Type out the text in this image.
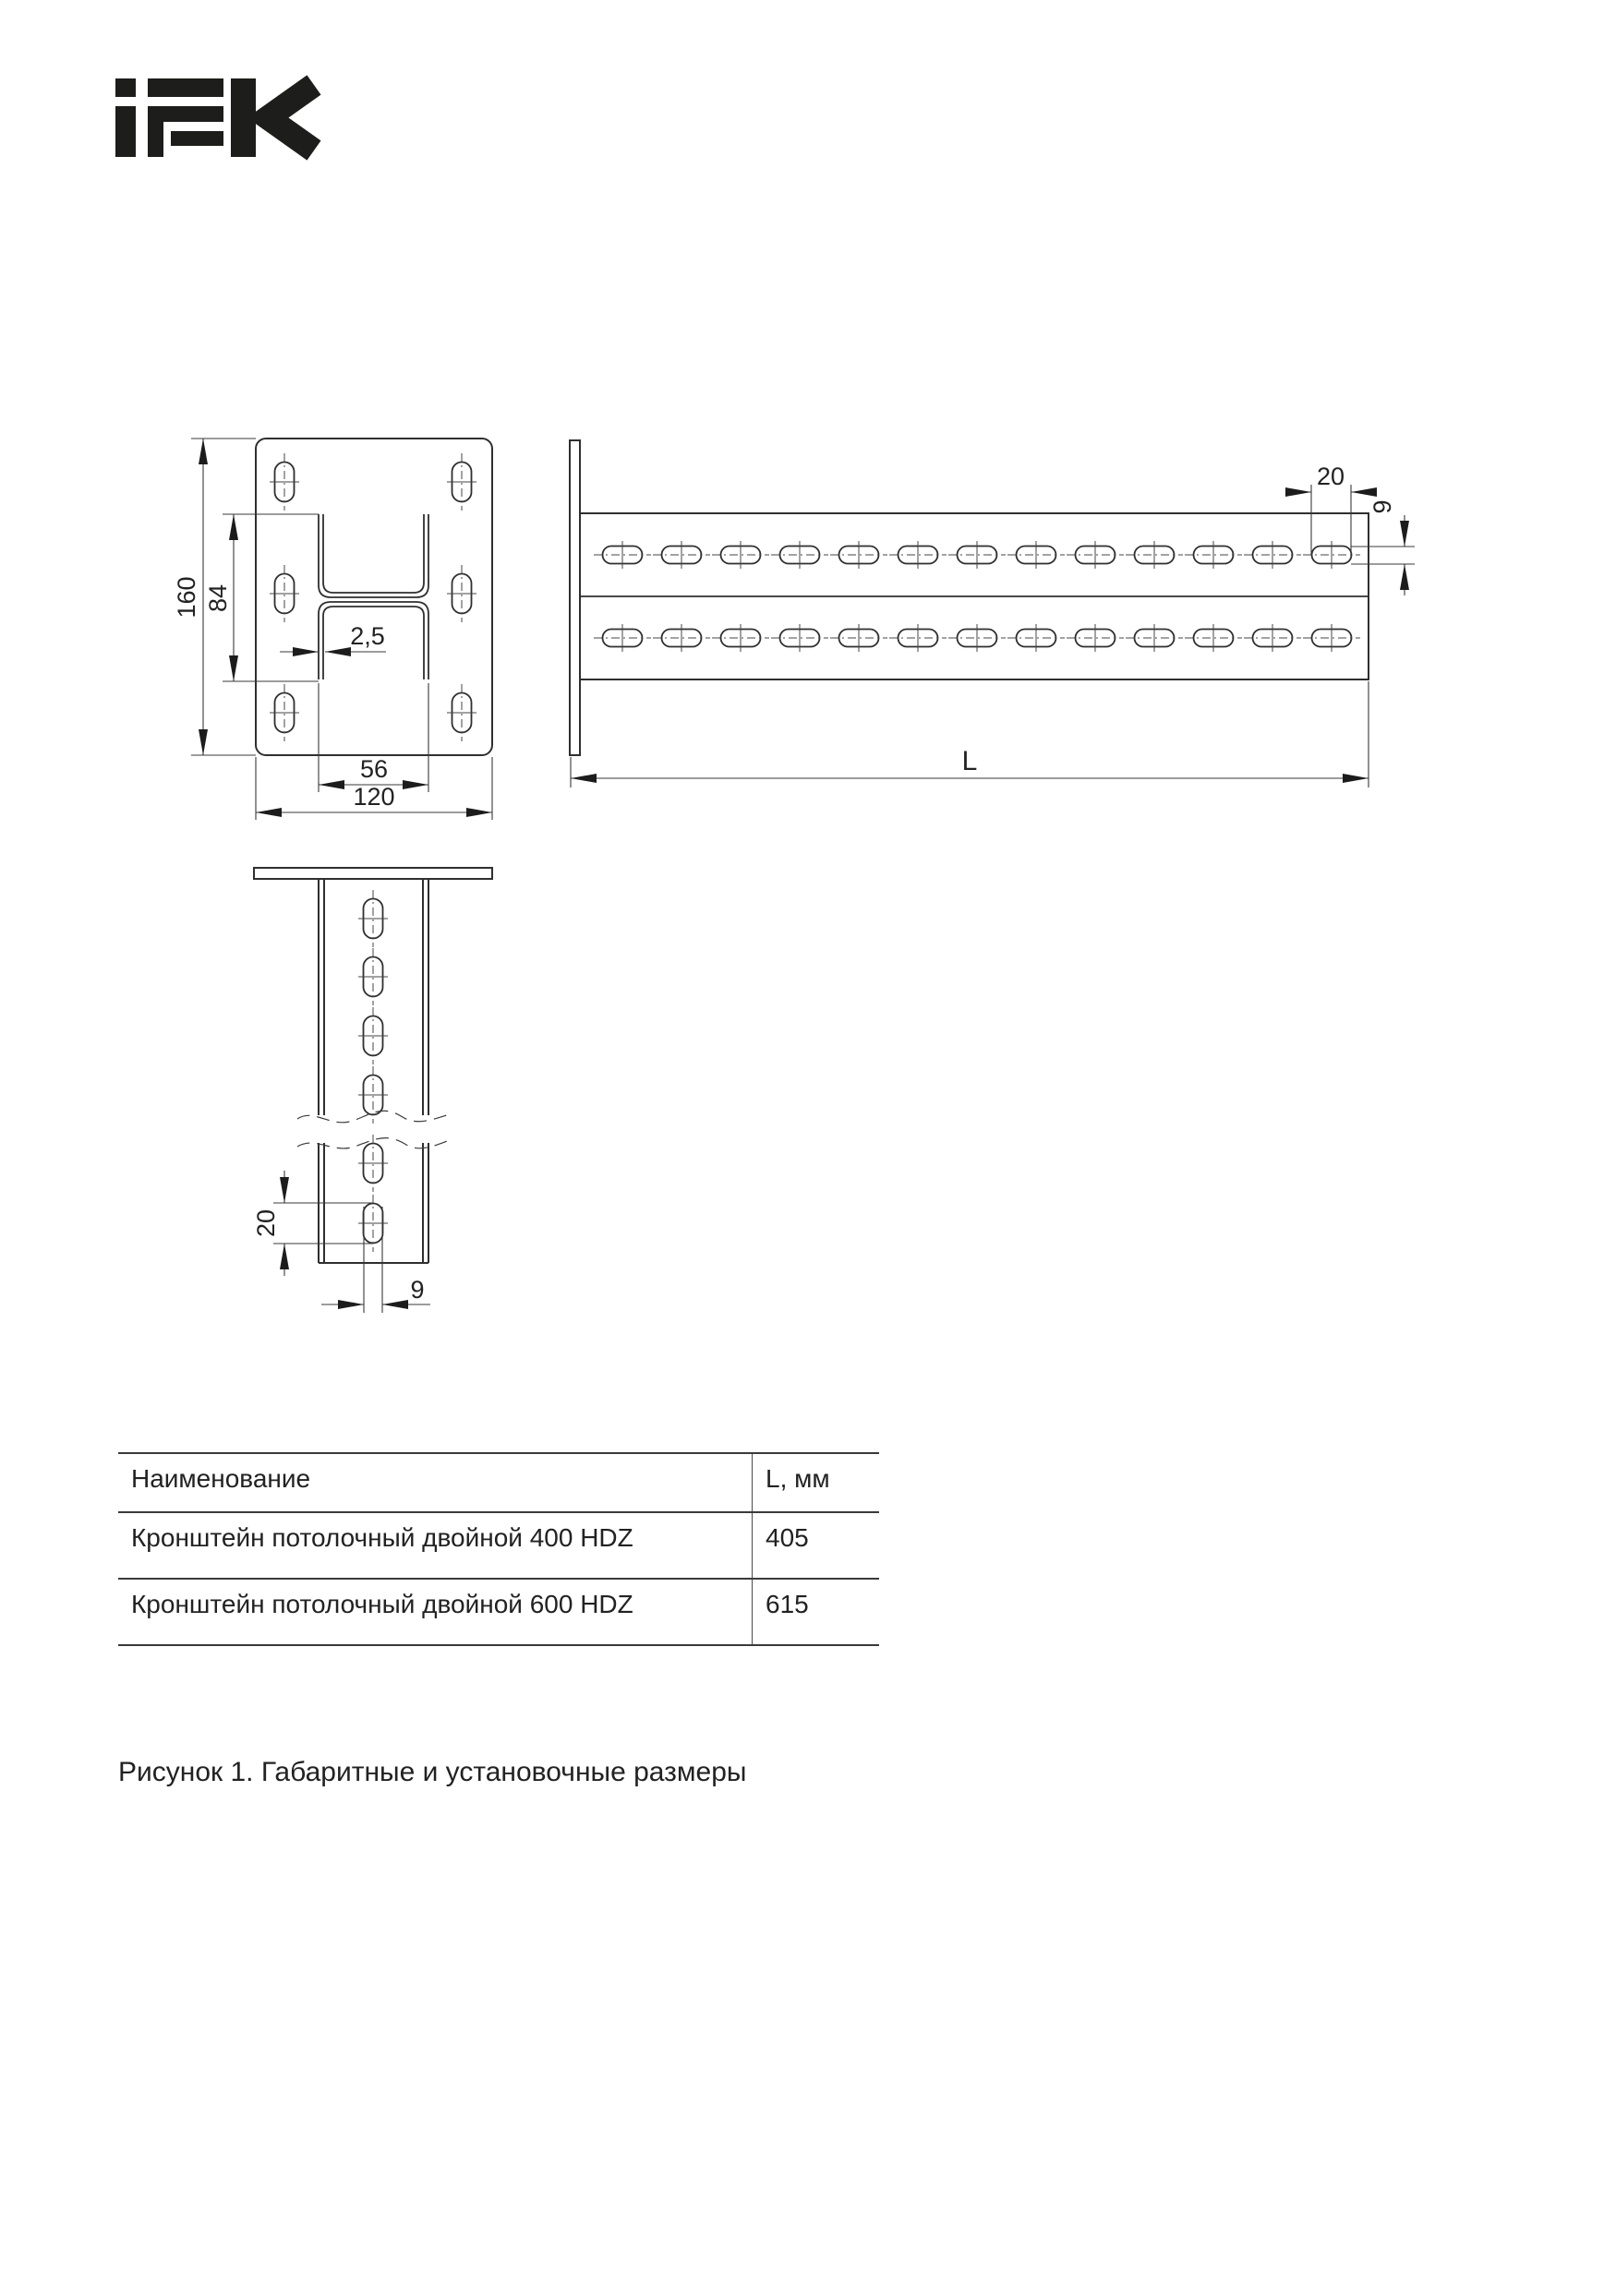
160 84
2,5
56
120
20
9
L
20
9
Наименование	L, мм
Кронштейн потолочный двойной 400 HDZ	405
Кронштейн потолочный двойной 600 HDZ	615
Рисунок 1. Габаритные и установочные размеры
